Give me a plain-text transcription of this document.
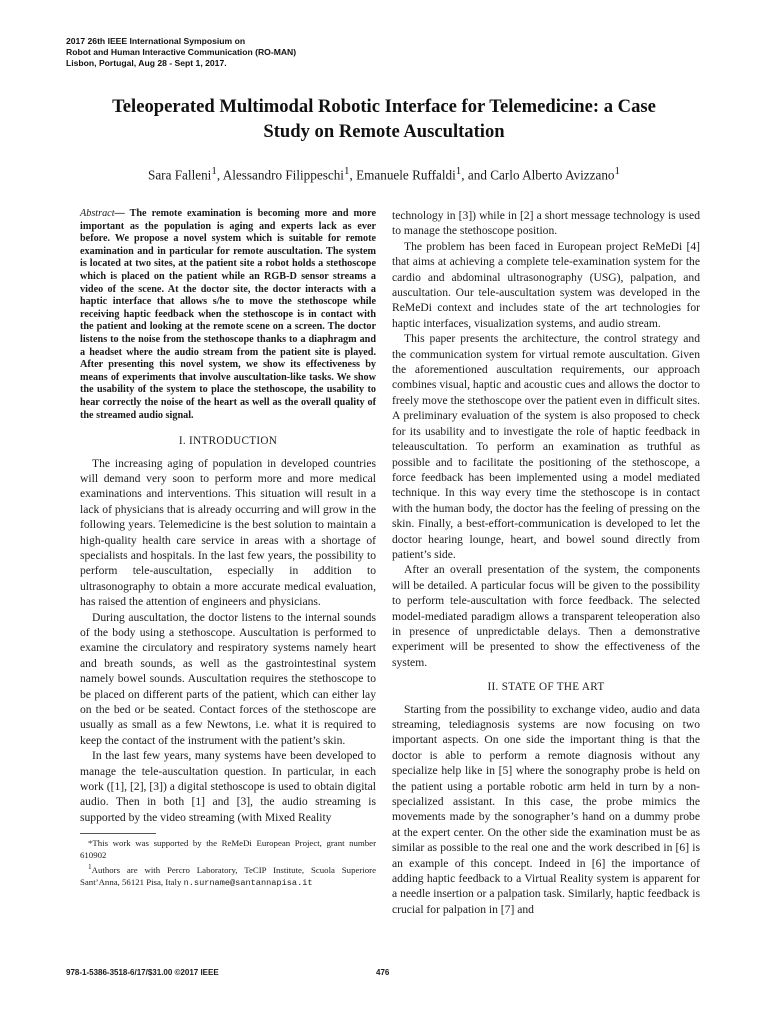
2017 26th IEEE International Symposium on
Robot and Human Interactive Communication (RO-MAN)
Lisbon, Portugal, Aug 28 - Sept 1, 2017.
Teleoperated Multimodal Robotic Interface for Telemedicine: a Case
Study on Remote Auscultation
Sara Falleni$^1$, Alessandro Filippeschi$^1$, Emanuele Ruffaldi$^1$, and Carlo Alberto Avizzano$^1$

Abstract— The remote examination is becoming more and more important as the population is aging and experts lack as ever before. We propose a novel system which is suitable for remote examination and in particular for remote auscultation. The system is located at two sites, at the patient site a robot holds a stethoscope which is placed on the patient while an RGB-D sensor streams a video of the scene. At the doctor site, the doctor interacts with a haptic interface that allows s/he to move the stethoscope while receiving haptic feedback when the stethoscope is in contact with the patient and looking at the remote scene on a screen. The doctor listens to the noise from the stethoscope thanks to a diaphragm and a headset where the audio stream from the patient site is played. After presenting this novel system, we show its effectiveness by means of experiments that involve auscultation-like tasks. We show the usability of the system to place the stethoscope, the usability to hear correctly the noise of the heart as well as the overall quality of the streamed audio signal.

I. INTRODUCTION

The increasing aging of population in developed countries will demand very soon to perform more and more medical examinations and interventions. This situation will result in a lack of physicians that is already occurring and will grow in the following years. Telemedicine is the best solution to maintain a high-quality health care service in areas with a shortage of specialists and hospitals. In the last few years, the possibility to perform tele-auscultation, especially in addition to ultrasonography to obtain a more accurate medical evaluation, has raised the attention of engineers and physicians.

During auscultation, the doctor listens to the internal sounds of the body using a stethoscope. Auscultation is performed to examine the circulatory and respiratory systems namely heart and breath sounds, as well as the gastrointestinal system namely bowel sounds. Auscultation requires the stethoscope to be placed on different parts of the patient, which can either lay on the bed or be seated. Contact forces of the stethoscope are usually as small as a few Newtons, i.e. what it is required to keep the contact of the instrument with the patient’s skin.

In the last few years, many systems have been developed to manage the tele-auscultation question. In particular, in each work ([1], [2], [3]) a digital stethoscope is used to obtain digital audio. Then in both [1] and [3], the audio streaming is supported by the video streaming (with Mixed Reality

*This work was supported by the ReMeDi European Project, grant number 610902

$^1$Authors are with Percro Laboratory, TeCIP Institute, Scuola Superiore Sant’Anna, 56121 Pisa, Italy n.surname@santannapisa.it

technology in [3]) while in [2] a short message technology is used to manage the stethoscope position.

The problem has been faced in European project ReMeDi [4] that aims at achieving a complete tele-examination system for the cardio and abdominal ultrasonography (USG), palpation, and auscultation. Our tele-auscultation system was developed in the ReMeDi context and includes state of the art technologies for haptic interfaces, visualization systems, and audio stream.

This paper presents the architecture, the control strategy and the communication system for virtual remote auscultation. Given the aforementioned auscultation requirements, our approach combines visual, haptic and acoustic cues and allows the doctor to freely move the stethoscope over the patient even in difficult sites. A preliminary evaluation of the system is also proposed to check for its usability and to investigate the role of haptic feedback in teleauscultation. To perform an examination as truthful as possible and to facilitate the positioning of the stethoscope, a force feedback has been implemented using a model mediated technique. In this way every time the stethoscope is in contact with the human body, the doctor has the feeling of pressing on the skin. Finally, a best-effort-communication is developed to let the doctor hearing lounge, heart, and bowel sound directly from patient’s side.

After an overall presentation of the system, the components will be detailed. A particular focus will be given to the possibility to perform tele-auscultation with force feedback. The selected model-mediated paradigm allows a transparent teleoperation also in presence of unpredictable delays. Then a demonstrative experiment will be presented to show the effectiveness of the system.

II. STATE OF THE ART

Starting from the possibility to exchange video, audio and data streaming, telediagnosis systems are now focusing on two important aspects. On one side the important thing is that the doctor is able to perform a remote diagnosis without any specialize help like in [5] where the sonography probe is held on the patient using a portable robotic arm held in turn by a non-specialized assistant. In this case, the probe mimics the movements made by the sonographer’s hand on a dummy probe at the expert center. On the other side the examination must be as similar as possible to the real one and the work described in [6] is an example of this concept. Indeed in [6] the importance of adding haptic feedback to a Virtual Reality system is apparent for a needle insertion or a palpation task. Similarly, haptic feedback is crucial for palpation in [7] and

978-1-5386-3518-6/17/$31.00 ©2017 IEEE	476
